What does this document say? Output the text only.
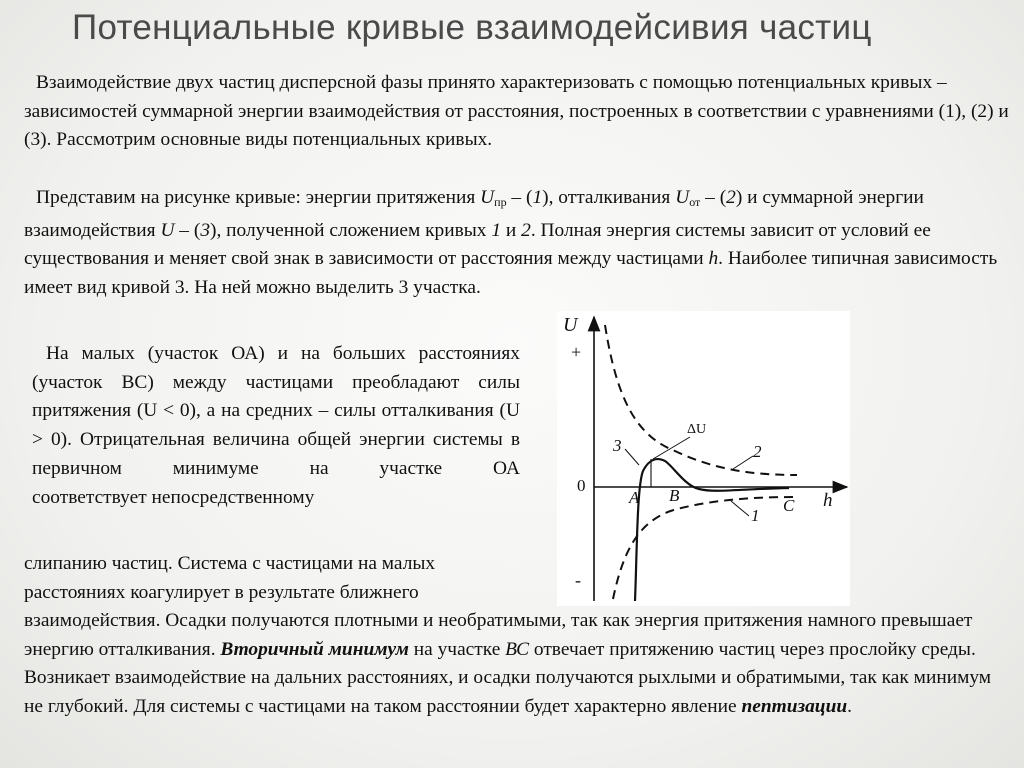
Потенциальные кривые взаимодейсивия частиц

Взаимодействие двух частиц дисперсной фазы принято характеризовать с помощью потенциальных кривых – зависимостей суммарной энергии взаимодействия от расстояния, построенных в соответствии с уравнениями (1), (2) и (3). Рассмотрим основные виды потенциальных кривых.

Представим на рисунке кривые: энергии притяжения $U_{пр} - (1)$, отталкивания $U_{от} - (2)$ и суммарной энергии взаимодействия U – (3), полученной сложением кривых 1 и 2. Полная энергия системы зависит от условий ее существования и меняет свой знак в зависимости от расстояния между частицами h. Наиболее типичная зависимость имеет вид кривой 3. На ней можно выделить 3 участка.

На малых (участок ОА) и на больших расстояниях (участок ВС) между частицами преобладают силы притяжения (U < 0), а на средних – силы отталкивания (U > 0). Отрицательная величина общей энергии системы в первичном минимуме на участке ОА
соответствует непосредственному

слипанию частиц. Система с частицами на малых расстояниях коагулирует в результате ближнего

взаимодействия. Осадки получаются плотными и необратимыми, так как энергия притяжения намного превышает энергию отталкивания. Вторичный минимум на участке ВС отвечает притяжению частиц через прослойку среды. Возникает взаимодействие на дальних расстояниях, и осадки получаются рыхлыми и обратимыми, так как минимум не глубокий. Для системы с частицами на таком расстоянии будет характерно явление пептизации.

U
+
0
-
h
ΔU
3	2
1
A B
C
